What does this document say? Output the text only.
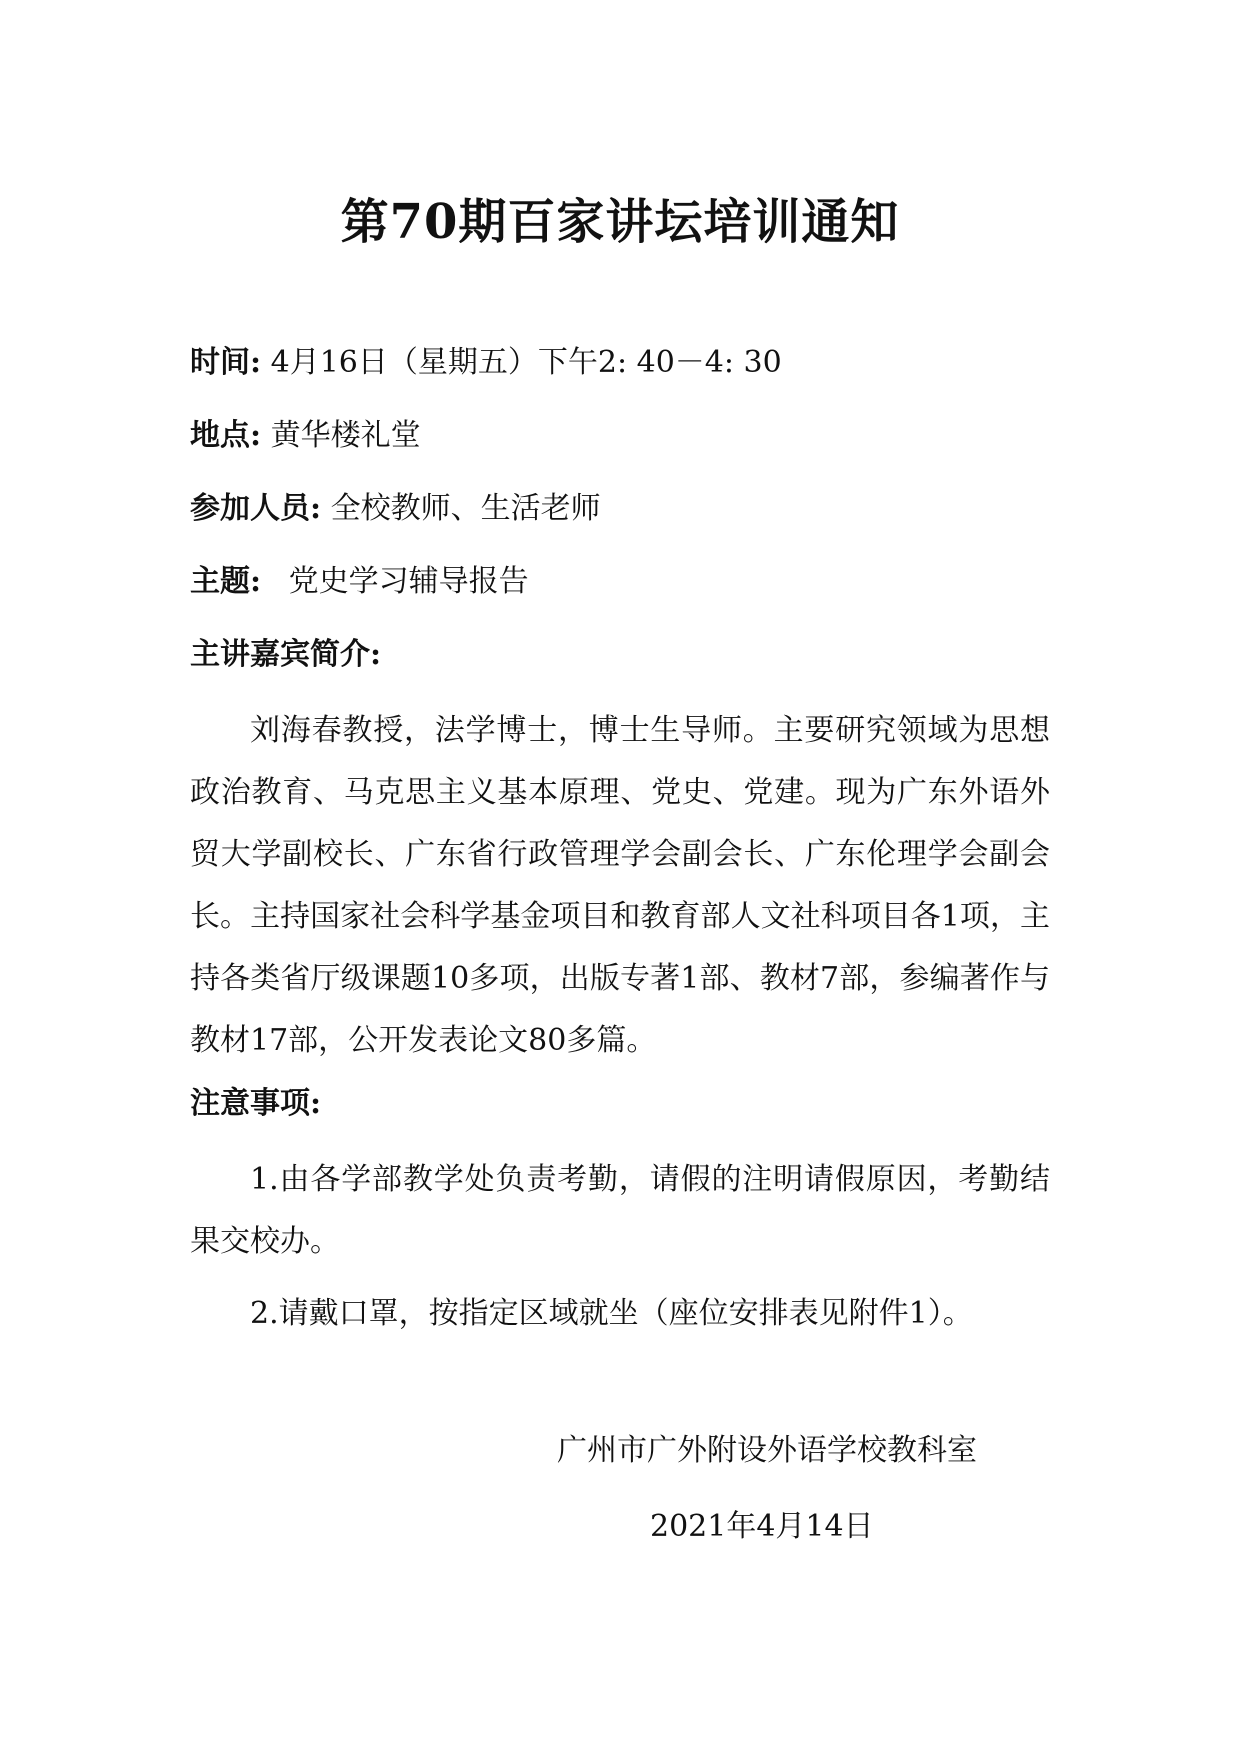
第70期百家讲坛培训通知
时间: 4月16日（星期五）下午2: 40－4: 30
地点: 黄华楼礼堂
参加人员: 全校教师、生活老师
主题: 党史学习辅导报告
主讲嘉宾简介:
刘海春教授，法学博士，博士生导师。主要研究领域为思想政治教育、马克思主义基本原理、党史、党建。现为广东外语外贸大学副校长、广东省行政管理学会副会长、广东伦理学会副会长。主持国家社会科学基金项目和教育部人文社科项目各1项，主持各类省厅级课题10多项，出版专著1部、教材7部，参编著作与教材17部，公开发表论文80多篇。
注意事项:
1.由各学部教学处负责考勤，请假的注明请假原因，考勤结果交校办。
2.请戴口罩，按指定区域就坐（座位安排表见附件1）。
广州市广外附设外语学校教科室
2021年4月14日
